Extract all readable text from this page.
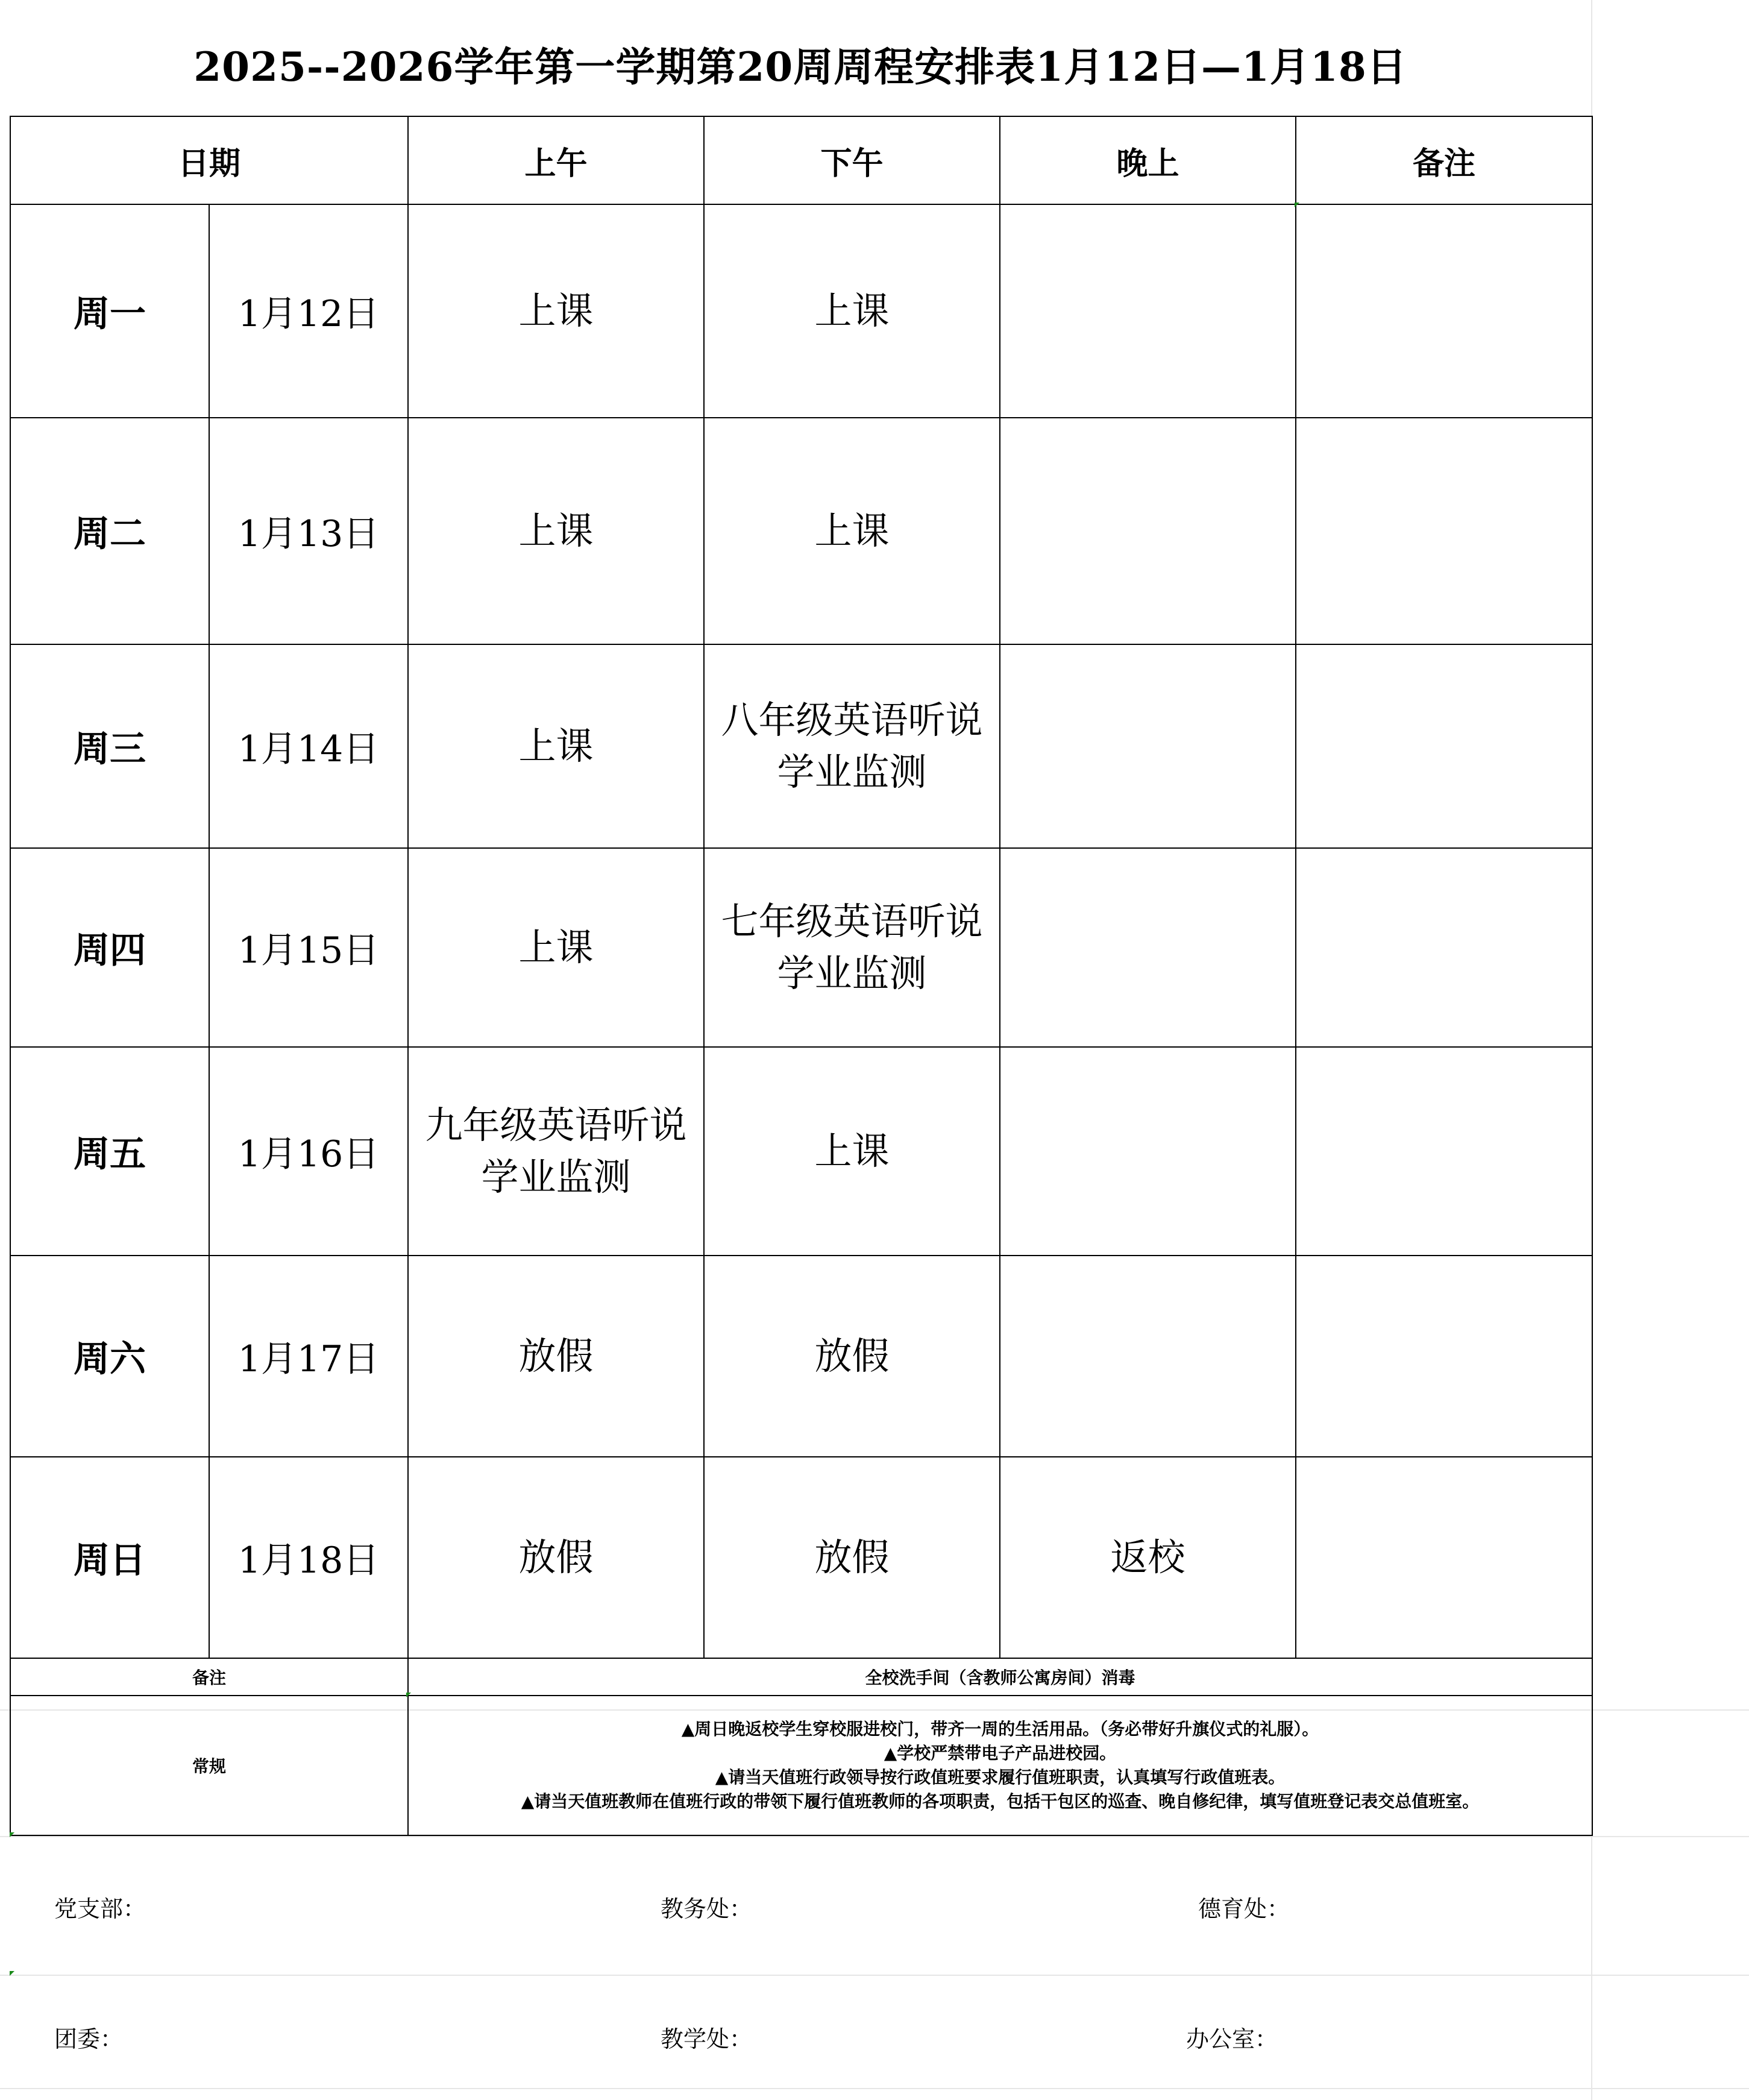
2025--2026学年第一学期第20周周程安排表1月12日—1月18日
日期		上午	下午	晚上	备注
周一	1月12日	上课	上课		
周二	1月13日	上课	上课		
周三	1月14日	上课	八年级英语听说学业监测		
周四	1月15日	上课	七年级英语听说学业监测		
周五	1月16日	九年级英语听说学业监测	上课		
周六	1月17日	放假	放假		
周日	1月18日	放假	放假	返校	
备注		全校洗手间（含教师公寓房间）消毒			
常规		▲周日晚返校学生穿校服进校门，带齐一周的生活用品。（务必带好升旗仪式的礼服）。
▲学校严禁带电子产品进校园。
▲请当天值班行政领导按行政值班要求履行值班职责，认真填写行政值班表。
▲请当天值班教师在值班行政的带领下履行值班教师的各项职责，包括干包区的巡查、晚自修纪律，填写值班登记表交总值班室。			
党支部：	教务处：	德育处：
团委：	教学处：	办公室：
